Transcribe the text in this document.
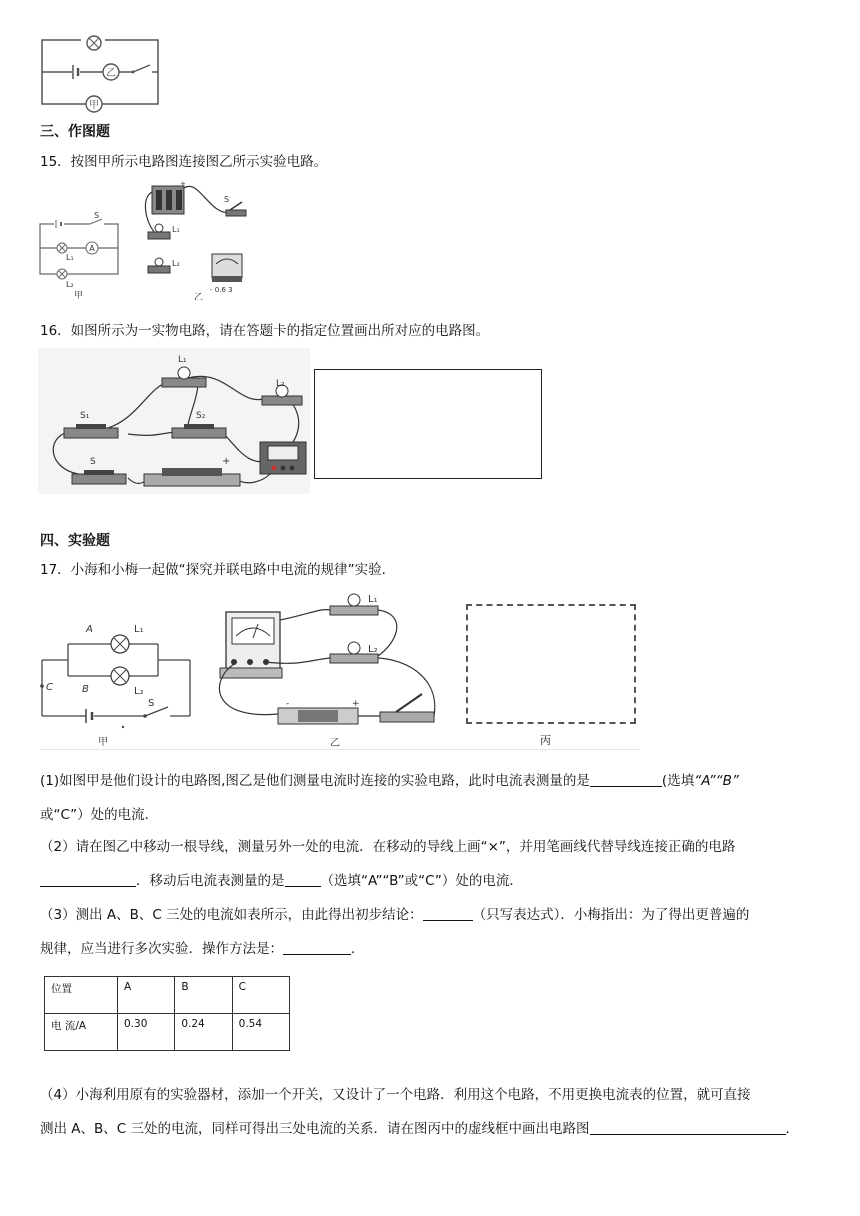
乙
甲
三、作图题
15．按图甲所示电路图连接图乙所示实验电路。
S
A
L₁
L₂
甲
+
S
L₁
L₂
- 0.6 3
乙
16．如图所示为一实物电路，请在答题卡的指定位置画出所对应的电路图。
L₁
L₂
S₁	S₂
S	+
四、实验题
17．小海和小梅一起做“探究并联电路中电流的规律”实验．
L₁
L₂
A
B
S
C
甲
L₁
L₂
-	+
乙	丙
(1)如图甲是他们设计的电路图,图乙是他们测量电流时连接的实验电路，此时电流表测量的是	(选填“A”“B”
或“C”）处的电流．
（2）请在图乙中移动一根导线，测量另外一处的电流．在移动的导线上画“×”，并用笔画线代替导线连接正确的电路
．移动后电流表测量的是	（选填“A”“B”或“C”）处的电流．
（3）测出 A、B、C 三处的电流如表所示，由此得出初步结论：	（只写表达式）．小梅指出：为了得出更普遍的
规律，应当进行多次实验．操作方法是：	．
位置	A	B	C
电 流/A	0.30	0.24	0.54
（4）小海利用原有的实验器材，添加一个开关，又设计了一个电路．利用这个电路，不用更换电流表的位置，就可直接
测出 A、B、C 三处的电流，同样可得出三处电流的关系．请在图丙中的虚线框中画出电路图	．
